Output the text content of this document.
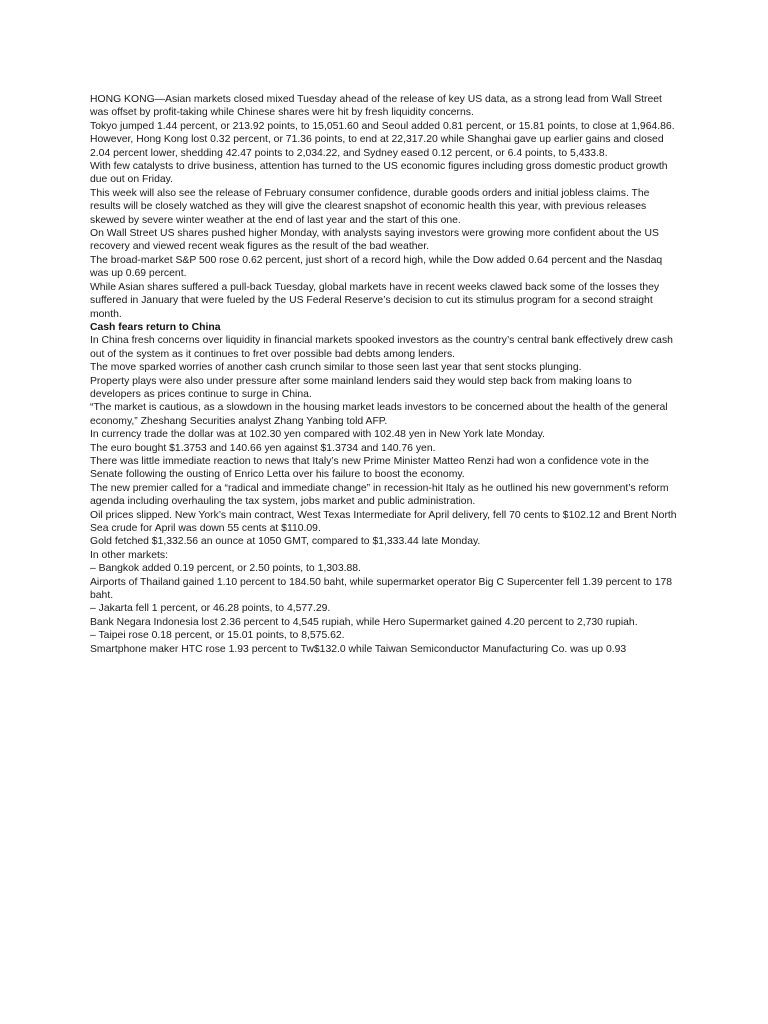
HONG KONG—Asian markets closed mixed Tuesday ahead of the release of key US data, as a strong lead from Wall Street was offset by profit-taking while Chinese shares were hit by fresh liquidity concerns.

Tokyo jumped 1.44 percent, or 213.92 points, to 15,051.60 and Seoul added 0.81 percent, or 15.81 points, to close at 1,964.86.

However, Hong Kong lost 0.32 percent, or 71.36 points, to end at 22,317.20 while Shanghai gave up earlier gains and closed 2.04 percent lower, shedding 42.47 points to 2,034.22, and Sydney eased 0.12 percent, or 6.4 points, to 5,433.8.

With few catalysts to drive business, attention has turned to the US economic figures including gross domestic product growth due out on Friday.

This week will also see the release of February consumer confidence, durable goods orders and initial jobless claims. The results will be closely watched as they will give the clearest snapshot of economic health this year, with previous releases skewed by severe winter weather at the end of last year and the start of this one.

On Wall Street US shares pushed higher Monday, with analysts saying investors were growing more confident about the US recovery and viewed recent weak figures as the result of the bad weather.

The broad-market S&P 500 rose 0.62 percent, just short of a record high, while the Dow added 0.64 percent and the Nasdaq was up 0.69 percent.

While Asian shares suffered a pull-back Tuesday, global markets have in recent weeks clawed back some of the losses they suffered in January that were fueled by the US Federal Reserve’s decision to cut its stimulus program for a second straight month.

Cash fears return to China

In China fresh concerns over liquidity in financial markets spooked investors as the country’s central bank effectively drew cash out of the system as it continues to fret over possible bad debts among lenders.

The move sparked worries of another cash crunch similar to those seen last year that sent stocks plunging.

Property plays were also under pressure after some mainland lenders said they would step back from making loans to developers as prices continue to surge in China.

“The market is cautious, as a slowdown in the housing market leads investors to be concerned about the health of the general economy,” Zheshang Securities analyst Zhang Yanbing told AFP.

In currency trade the dollar was at 102.30 yen compared with 102.48 yen in New York late Monday.

The euro bought $1.3753 and 140.66 yen against $1.3734 and 140.76 yen.

There was little immediate reaction to news that Italy’s new Prime Minister Matteo Renzi had won a confidence vote in the Senate following the ousting of Enrico Letta over his failure to boost the economy.

The new premier called for a “radical and immediate change” in recession-hit Italy as he outlined his new government’s reform agenda including overhauling the tax system, jobs market and public administration.

Oil prices slipped. New York’s main contract, West Texas Intermediate for April delivery, fell 70 cents to $102.12 and Brent North Sea crude for April was down 55 cents at $110.09.

Gold fetched $1,332.56 an ounce at 1050 GMT, compared to $1,333.44 late Monday.

In other markets:

– Bangkok added 0.19 percent, or 2.50 points, to 1,303.88.

Airports of Thailand gained 1.10 percent to 184.50 baht, while supermarket operator Big C Supercenter fell 1.39 percent to 178 baht.

– Jakarta fell 1 percent, or 46.28 points, to 4,577.29.

Bank Negara Indonesia lost 2.36 percent to 4,545 rupiah, while Hero Supermarket gained 4.20 percent to 2,730 rupiah.

– Taipei rose 0.18 percent, or 15.01 points, to 8,575.62.

Smartphone maker HTC rose 1.93 percent to Tw$132.0 while Taiwan Semiconductor Manufacturing Co. was up 0.93
